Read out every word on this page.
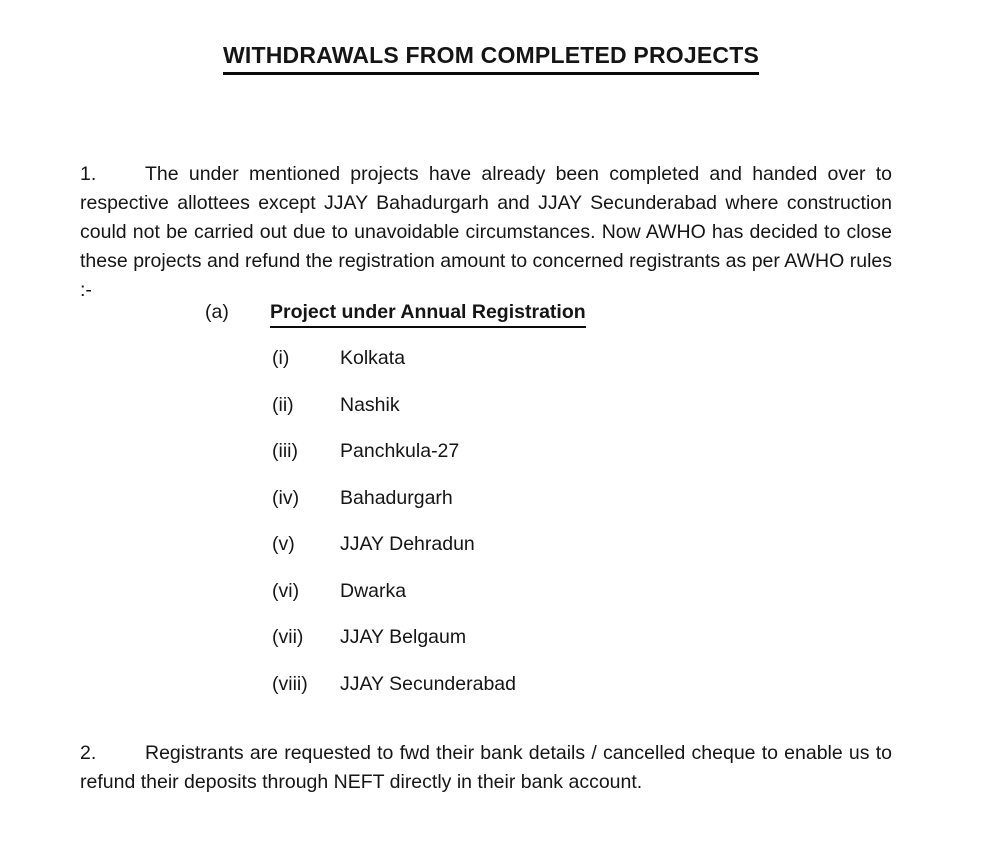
WITHDRAWALS FROM COMPLETED PROJECTS

1. The under mentioned projects have already been completed and handed over to respective allottees except JJAY Bahadurgarh and JJAY Secunderabad where construction could not be carried out due to unavoidable circumstances. Now AWHO has decided to close these projects and refund the registration amount to concerned registrants as per AWHO rules :-

(a) Project under Annual Registration
(i)	Kolkata
(ii) Nashik
(iii) Panchkula-27
(iv) Bahadurgarh
(v) JJAY Dehradun
(vi) Dwarka
(vii) JJAY Belgaum
(viii) JJAY Secunderabad

2. Registrants are requested to fwd their bank details / cancelled cheque to enable us to refund their deposits through NEFT directly in their bank account.
